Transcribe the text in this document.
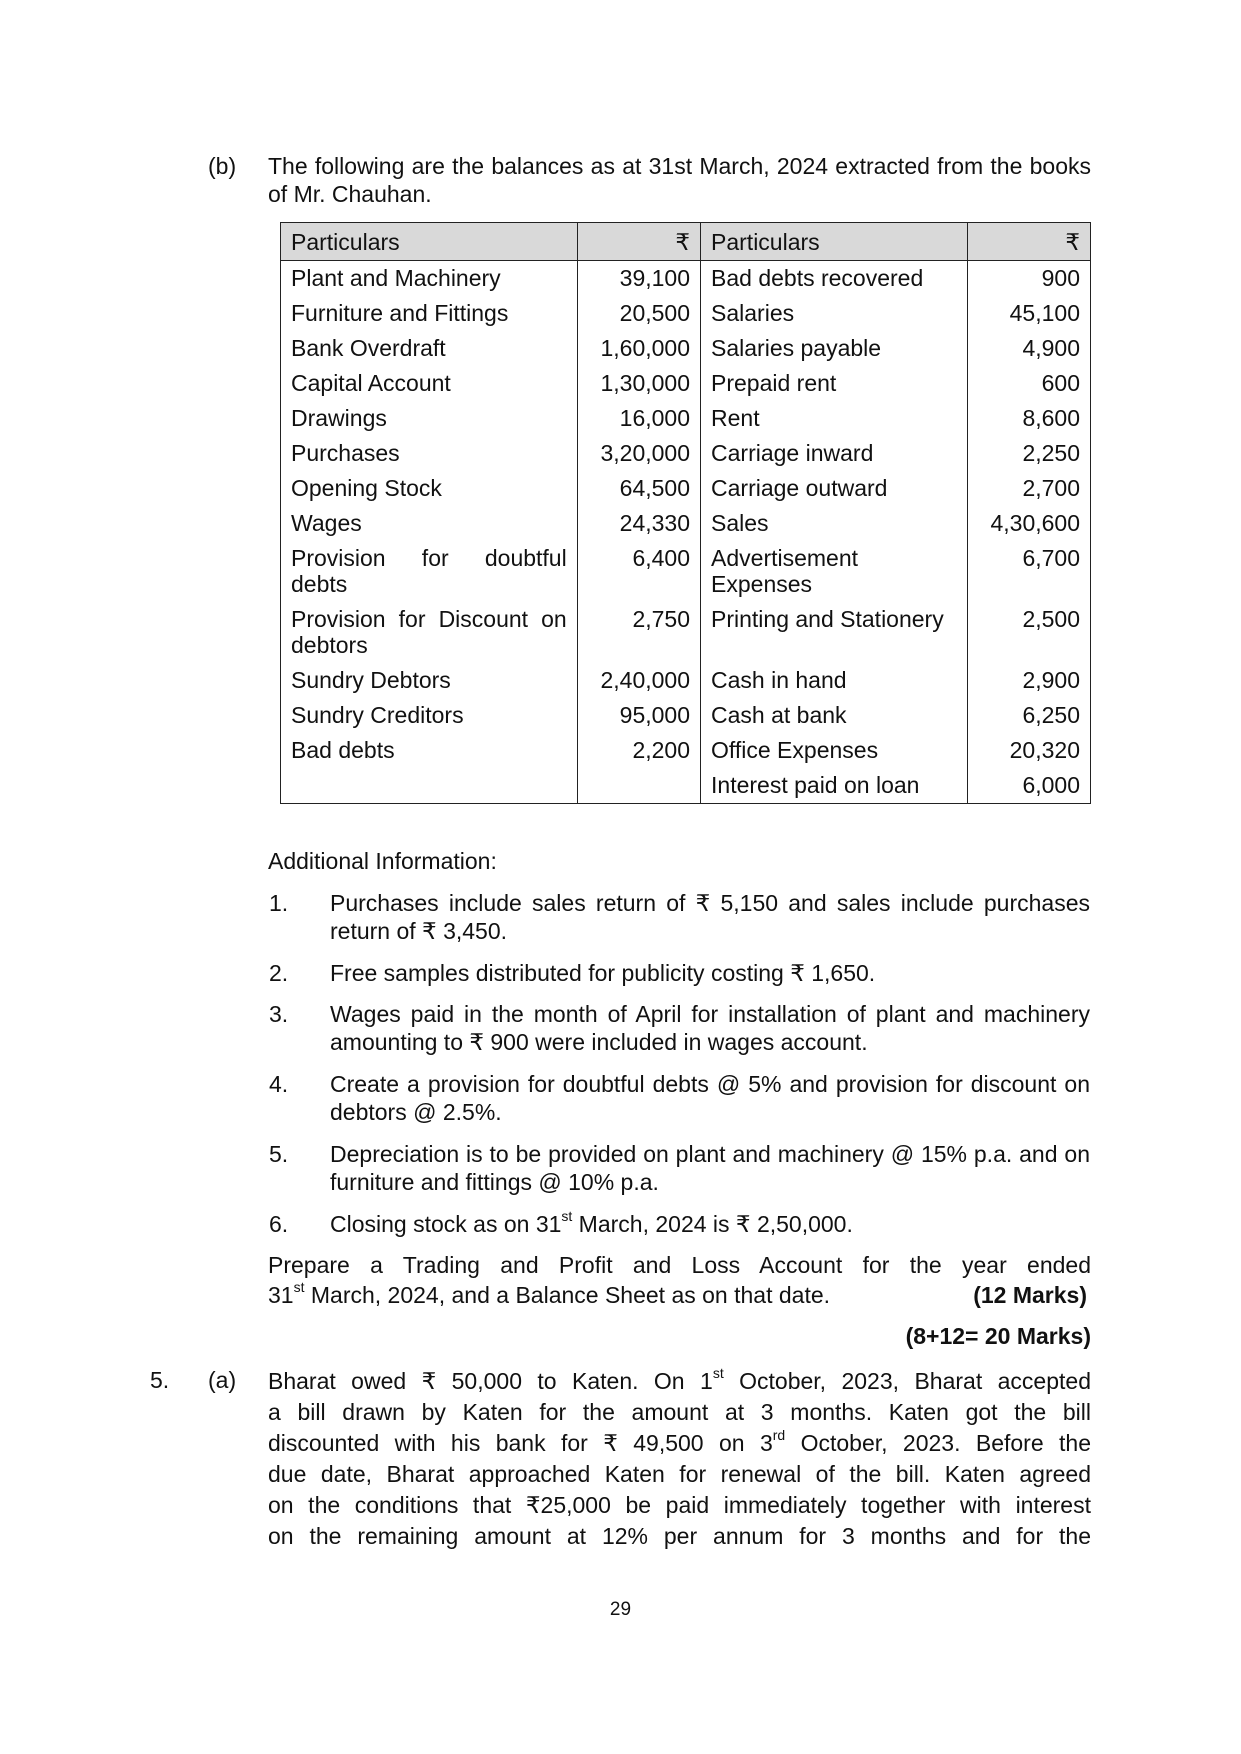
(b) The following are the balances as at 31st March, 2024 extracted from the books of Mr. Chauhan.
Particulars	₹	Particulars	₹
Plant and Machinery	39,100	Bad debts recovered	900
Furniture and Fittings	20,500	Salaries	45,100
Bank Overdraft	1,60,000	Salaries payable	4,900
Capital Account	1,30,000	Prepaid rent	600
Drawings	16,000	Rent	8,600
Purchases	3,20,000	Carriage inward	2,250
Opening Stock	64,500	Carriage outward	2,700
Wages	24,330	Sales	4,30,600
Provision for doubtful debts	6,400	Advertisement Expenses	6,700
Provision for Discount on debtors	2,750	Printing and Stationery	2,500
Sundry Debtors	2,40,000	Cash in hand	2,900
Sundry Creditors	95,000	Cash at bank	6,250
Bad debts	2,200	Office Expenses	20,320
		Interest paid on loan	6,000
Additional Information:
1. Purchases include sales return of ₹ 5,150 and sales include purchases return of ₹ 3,450.
2. Free samples distributed for publicity costing ₹ 1,650.
3. Wages paid in the month of April for installation of plant and machinery amounting to ₹ 900 were included in wages account.
4. Create a provision for doubtful debts @ 5% and provision for discount on debtors @ 2.5%.
5. Depreciation is to be provided on plant and machinery @ 15% p.a. and on furniture and fittings @ 10% p.a.
6. Closing stock as on 31st March, 2024 is ₹ 2,50,000.
Prepare a Trading and Profit and Loss Account for the year ended
31st March, 2024, and a Balance Sheet as on that date.	(12 Marks)
(8+12= 20 Marks)
5. (a) Bharat owed ₹ 50,000 to Katen. On 1st October, 2023, Bharat accepted
a bill drawn by Katen for the amount at 3 months. Katen got the bill
discounted with his bank for ₹ 49,500 on 3rd October, 2023. Before the
due date, Bharat approached Katen for renewal of the bill. Katen agreed
on the conditions that ₹25,000 be paid immediately together with interest
on the remaining amount at 12% per annum for 3 months and for the
29
